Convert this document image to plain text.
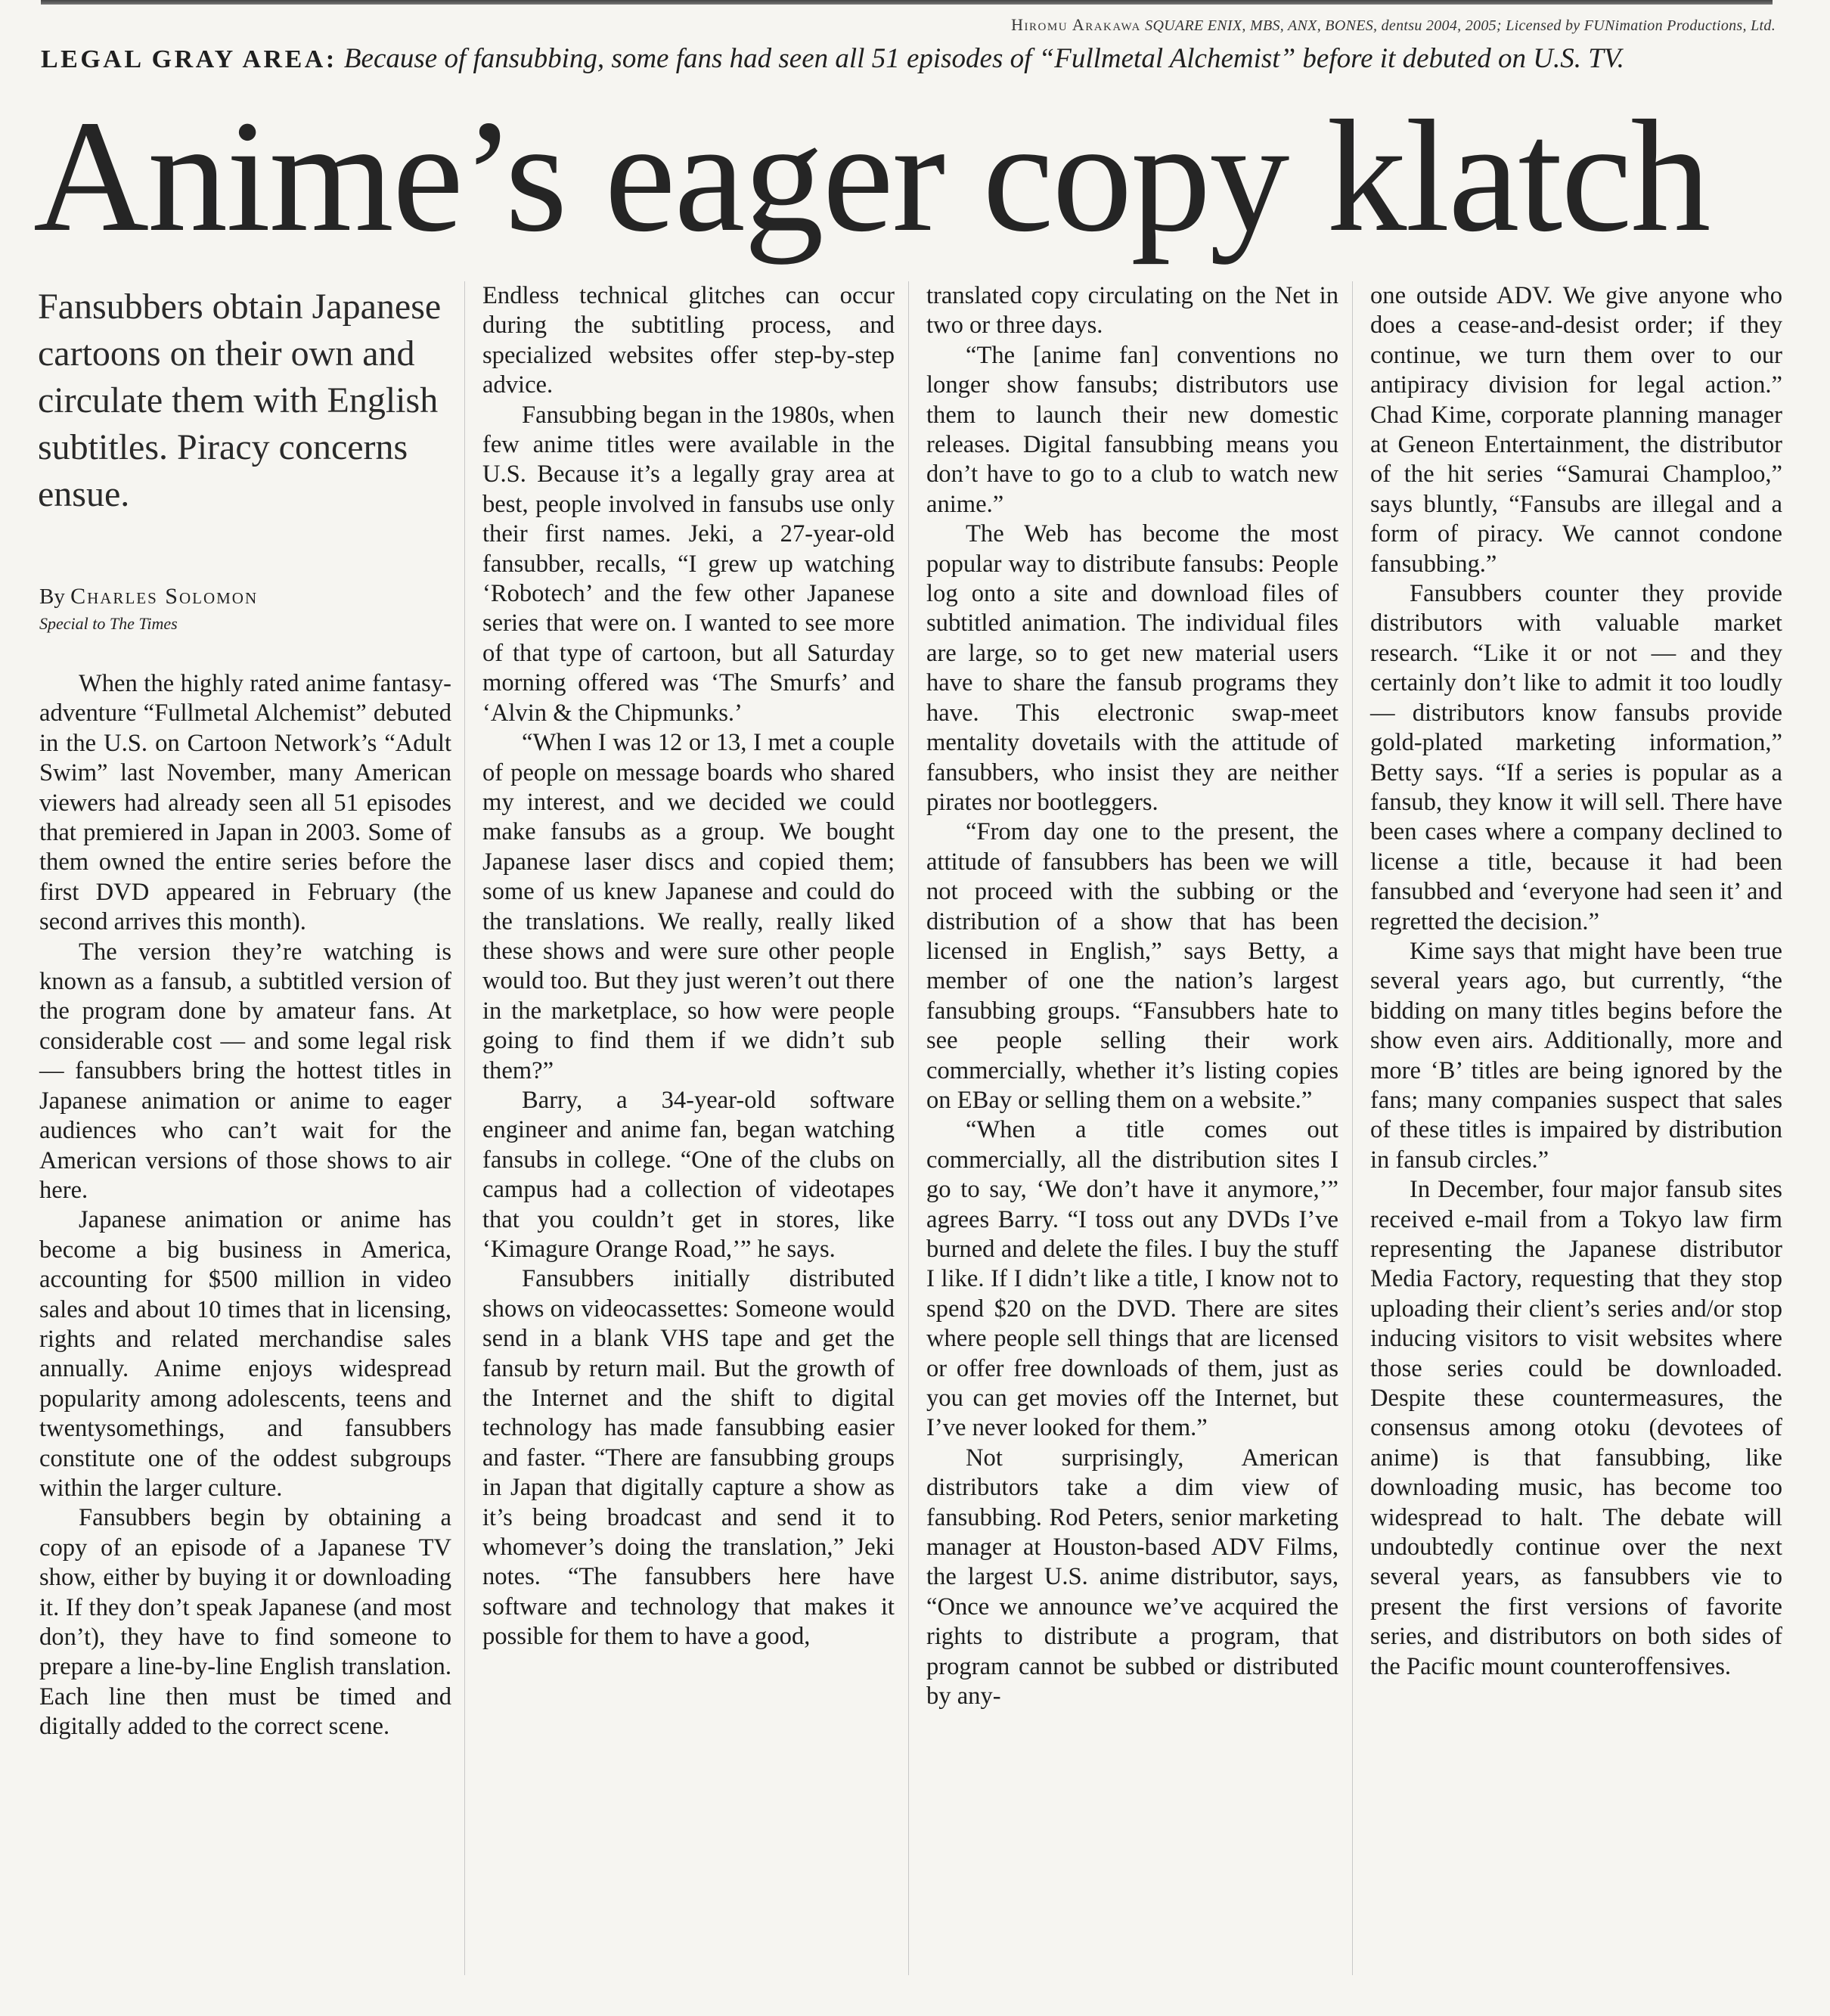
Hiromu Arakawa SQUARE ENIX, MBS, ANX, BONES, dentsu 2004, 2005; Licensed by FUNimation Productions, Ltd.
LEGAL GRAY AREA: Because of fansubbing, some fans had seen all 51 episodes of “Fullmetal Alchemist” before it debuted on U.S. TV.
Anime’s eager copy klatch
Fansubbers obtain Japanese cartoons on their own and circulate them with English subtitles. Piracy concerns ensue.
By Charles Solomon
Special to The Times

When the highly rated anime fantasy-adventure “Fullmetal Alchemist” debuted in the U.S. on Cartoon Network’s “Adult Swim” last November, many American viewers had already seen all 51 episodes that premiered in Japan in 2003. Some of them owned the entire series before the first DVD appeared in February (the second arrives this month).

The version they’re watching is known as a fansub, a subtitled version of the program done by amateur fans. At considerable cost — and some legal risk — fansubbers bring the hottest titles in Japanese animation or anime to eager audiences who can’t wait for the American versions of those shows to air here.

Japanese animation or anime has become a big business in America, accounting for $500 million in video sales and about 10 times that in licensing, rights and related merchandise sales annually. Anime enjoys widespread popularity among adolescents, teens and twentysomethings, and fansubbers constitute one of the oddest subgroups within the larger culture.

Fansubbers begin by obtaining a copy of an episode of a Japanese TV show, either by buying it or downloading it. If they don’t speak Japanese (and most don’t), they have to find someone to prepare a line-by-line English translation. Each line then must be timed and digitally added to the correct scene.

Endless technical glitches can occur during the subtitling process, and specialized websites offer step-by-step advice.

Fansubbing began in the 1980s, when few anime titles were available in the U.S. Because it’s a legally gray area at best, people involved in fansubs use only their first names. Jeki, a 27-year-old fansubber, recalls, “I grew up watching ‘Robotech’ and the few other Japanese series that were on. I wanted to see more of that type of cartoon, but all Saturday morning offered was ‘The Smurfs’ and ‘Alvin & the Chipmunks.’

“When I was 12 or 13, I met a couple of people on message boards who shared my interest, and we decided we could make fansubs as a group. We bought Japanese laser discs and copied them; some of us knew Japanese and could do the translations. We really, really liked these shows and were sure other people would too. But they just weren’t out there in the marketplace, so how were people going to find them if we didn’t sub them?”

Barry, a 34-year-old software engineer and anime fan, began watching fansubs in college. “One of the clubs on campus had a collection of videotapes that you couldn’t get in stores, like ‘Kimagure Orange Road,’” he says.

Fansubbers initially distributed shows on videocassettes: Someone would send in a blank VHS tape and get the fansub by return mail. But the growth of the Internet and the shift to digital technology has made fansubbing easier and faster. “There are fansubbing groups in Japan that digitally capture a show as it’s being broadcast and send it to whomever’s doing the translation,” Jeki notes. “The fansubbers here have software and technology that makes it possible for them to have a good,

translated copy circulating on the Net in two or three days.

“The [anime fan] conventions no longer show fansubs; distributors use them to launch their new domestic releases. Digital fansubbing means you don’t have to go to a club to watch new anime.”

The Web has become the most popular way to distribute fansubs: People log onto a site and download files of subtitled animation. The individual files are large, so to get new material users have to share the fansub programs they have. This electronic swap-meet mentality dovetails with the attitude of fansubbers, who insist they are neither pirates nor bootleggers.

“From day one to the present, the attitude of fansubbers has been we will not proceed with the subbing or the distribution of a show that has been licensed in English,” says Betty, a member of one the nation’s largest fansubbing groups. “Fansubbers hate to see people selling their work commercially, whether it’s listing copies on EBay or selling them on a website.”

“When a title comes out commercially, all the distribution sites I go to say, ‘We don’t have it anymore,’” agrees Barry. “I toss out any DVDs I’ve burned and delete the files. I buy the stuff I like. If I didn’t like a title, I know not to spend $20 on the DVD. There are sites where people sell things that are licensed or offer free downloads of them, just as you can get movies off the Internet, but I’ve never looked for them.”

Not surprisingly, American distributors take a dim view of fansubbing. Rod Peters, senior marketing manager at Houston-based ADV Films, the largest U.S. anime distributor, says, “Once we announce we’ve acquired the rights to distribute a program, that program cannot be subbed or distributed by any-

one outside ADV. We give anyone who does a cease-and-desist order; if they continue, we turn them over to our antipiracy division for legal action.” Chad Kime, corporate planning manager at Geneon Entertainment, the distributor of the hit series “Samurai Champloo,” says bluntly, “Fansubs are illegal and a form of piracy. We cannot condone fansubbing.”

Fansubbers counter they provide distributors with valuable market research. “Like it or not — and they certainly don’t like to admit it too loudly — distributors know fansubs provide gold-plated marketing information,” Betty says. “If a series is popular as a fansub, they know it will sell. There have been cases where a company declined to license a title, because it had been fansubbed and ‘everyone had seen it’ and regretted the decision.”

Kime says that might have been true several years ago, but currently, “the bidding on many titles begins before the show even airs. Additionally, more and more ‘B’ titles are being ignored by the fans; many companies suspect that sales of these titles is impaired by distribution in fansub circles.”

In December, four major fansub sites received e-mail from a Tokyo law firm representing the Japanese distributor Media Factory, requesting that they stop uploading their client’s series and/or stop inducing visitors to visit websites where those series could be downloaded. Despite these countermeasures, the consensus among otoku (devotees of anime) is that fansubbing, like downloading music, has become too widespread to halt. The debate will undoubtedly continue over the next several years, as fansubbers vie to present the first versions of favorite series, and distributors on both sides of the Pacific mount counteroffensives.
